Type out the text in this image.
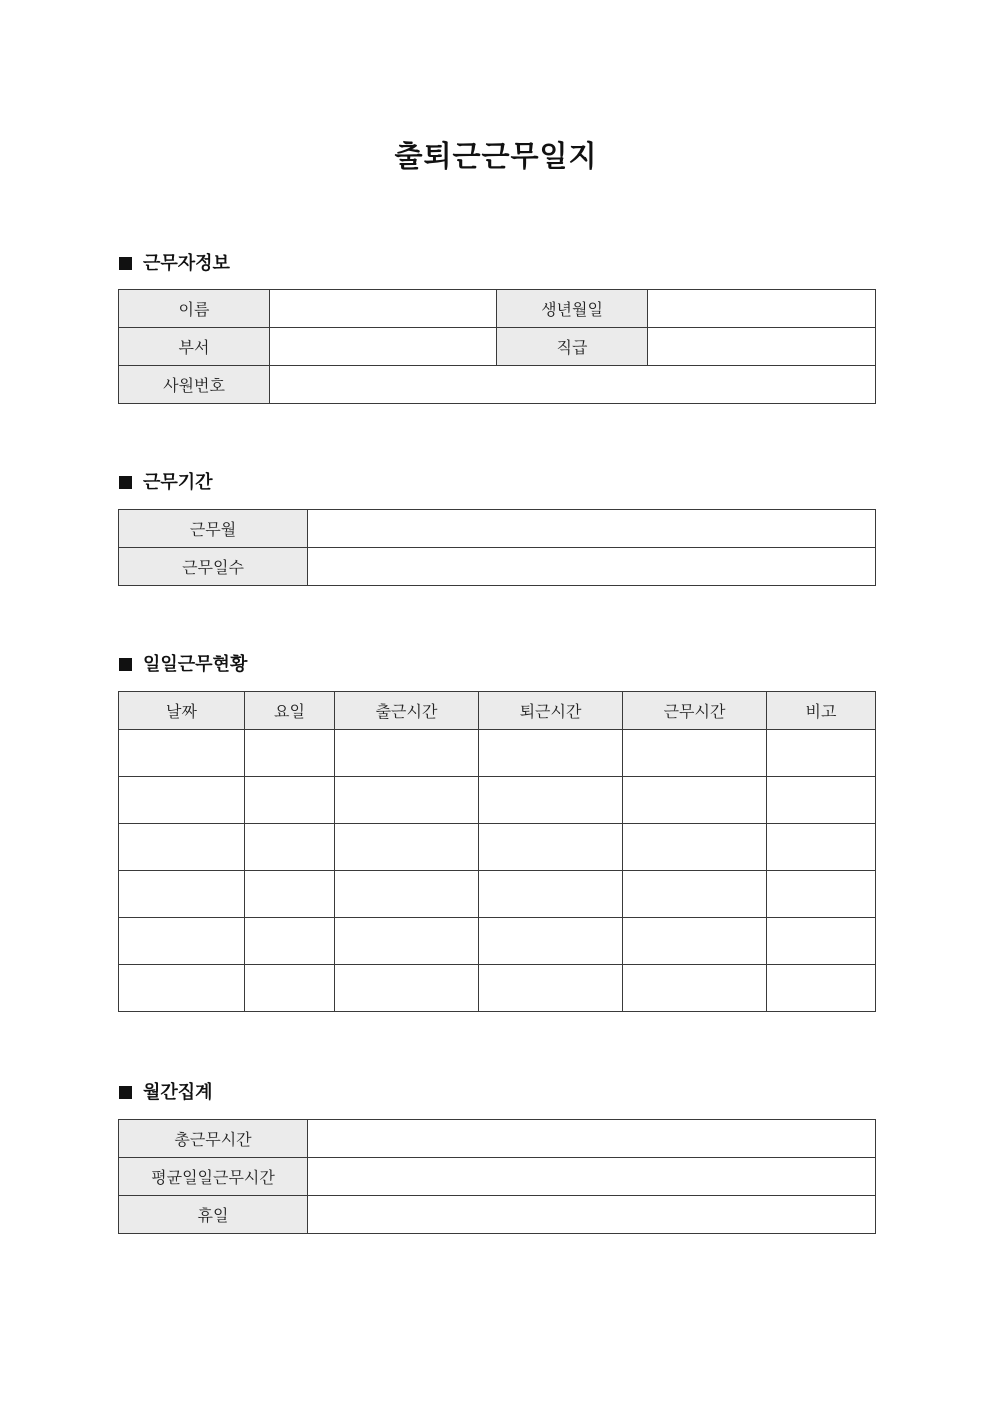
출퇴근근무일지
근무자정보
이름		생년월일	
부서		직급	
사원번호			
근무기간
근무월	
근무일수	
일일근무현황
날짜	요일	출근시간	퇴근시간	근무시간	비고

월간집계
총근무시간	
평균일일근무시간	
휴일	
